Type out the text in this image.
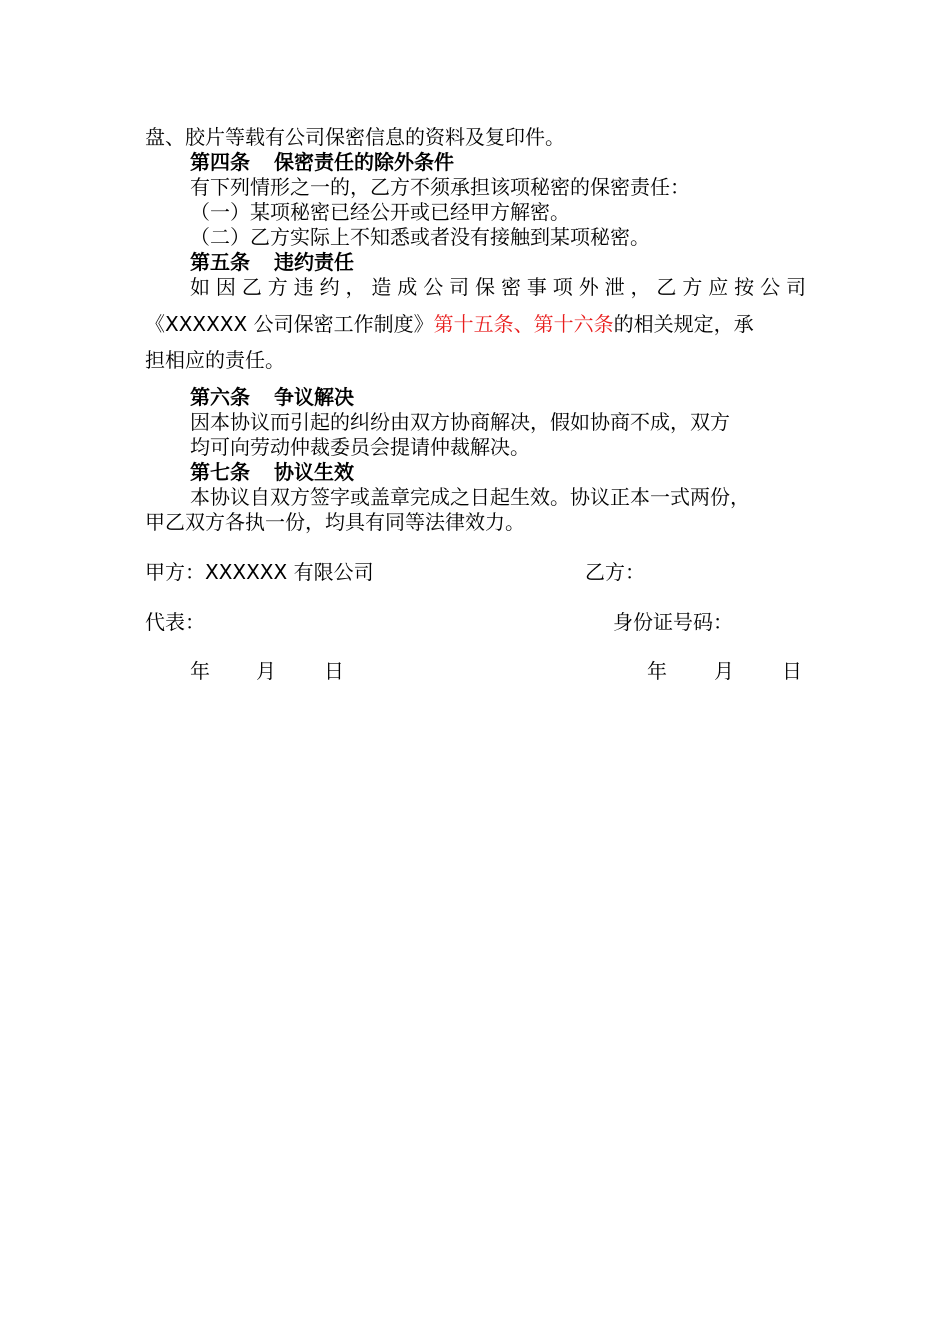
盘、胶片等载有公司保密信息的资料及复印件。
第四条 保密责任的除外条件
有下列情形之一的，乙方不须承担该项秘密的保密责任：
（一）某项秘密已经公开或已经甲方解密。
（二）乙方实际上不知悉或者没有接触到某项秘密。
第五条 违约责任
如因乙方违约，造成公司保密事项外泄，乙方应按公司
《XXXXXX 公司保密工作制度》第十五条、第十六条的相关规定，承
担相应的责任。
第六条 争议解决
因本协议而引起的纠纷由双方协商解决，假如协商不成，双方
均可向劳动仲裁委员会提请仲裁解决。
第七条 协议生效
本协议自双方签字或盖章完成之日起生效。协议正本一式两份，
甲乙双方各执一份，均具有同等法律效力。
甲方：XXXXXX 有限公司	乙方：
代表：	身份证号码：
年 月 日	年 月 日
